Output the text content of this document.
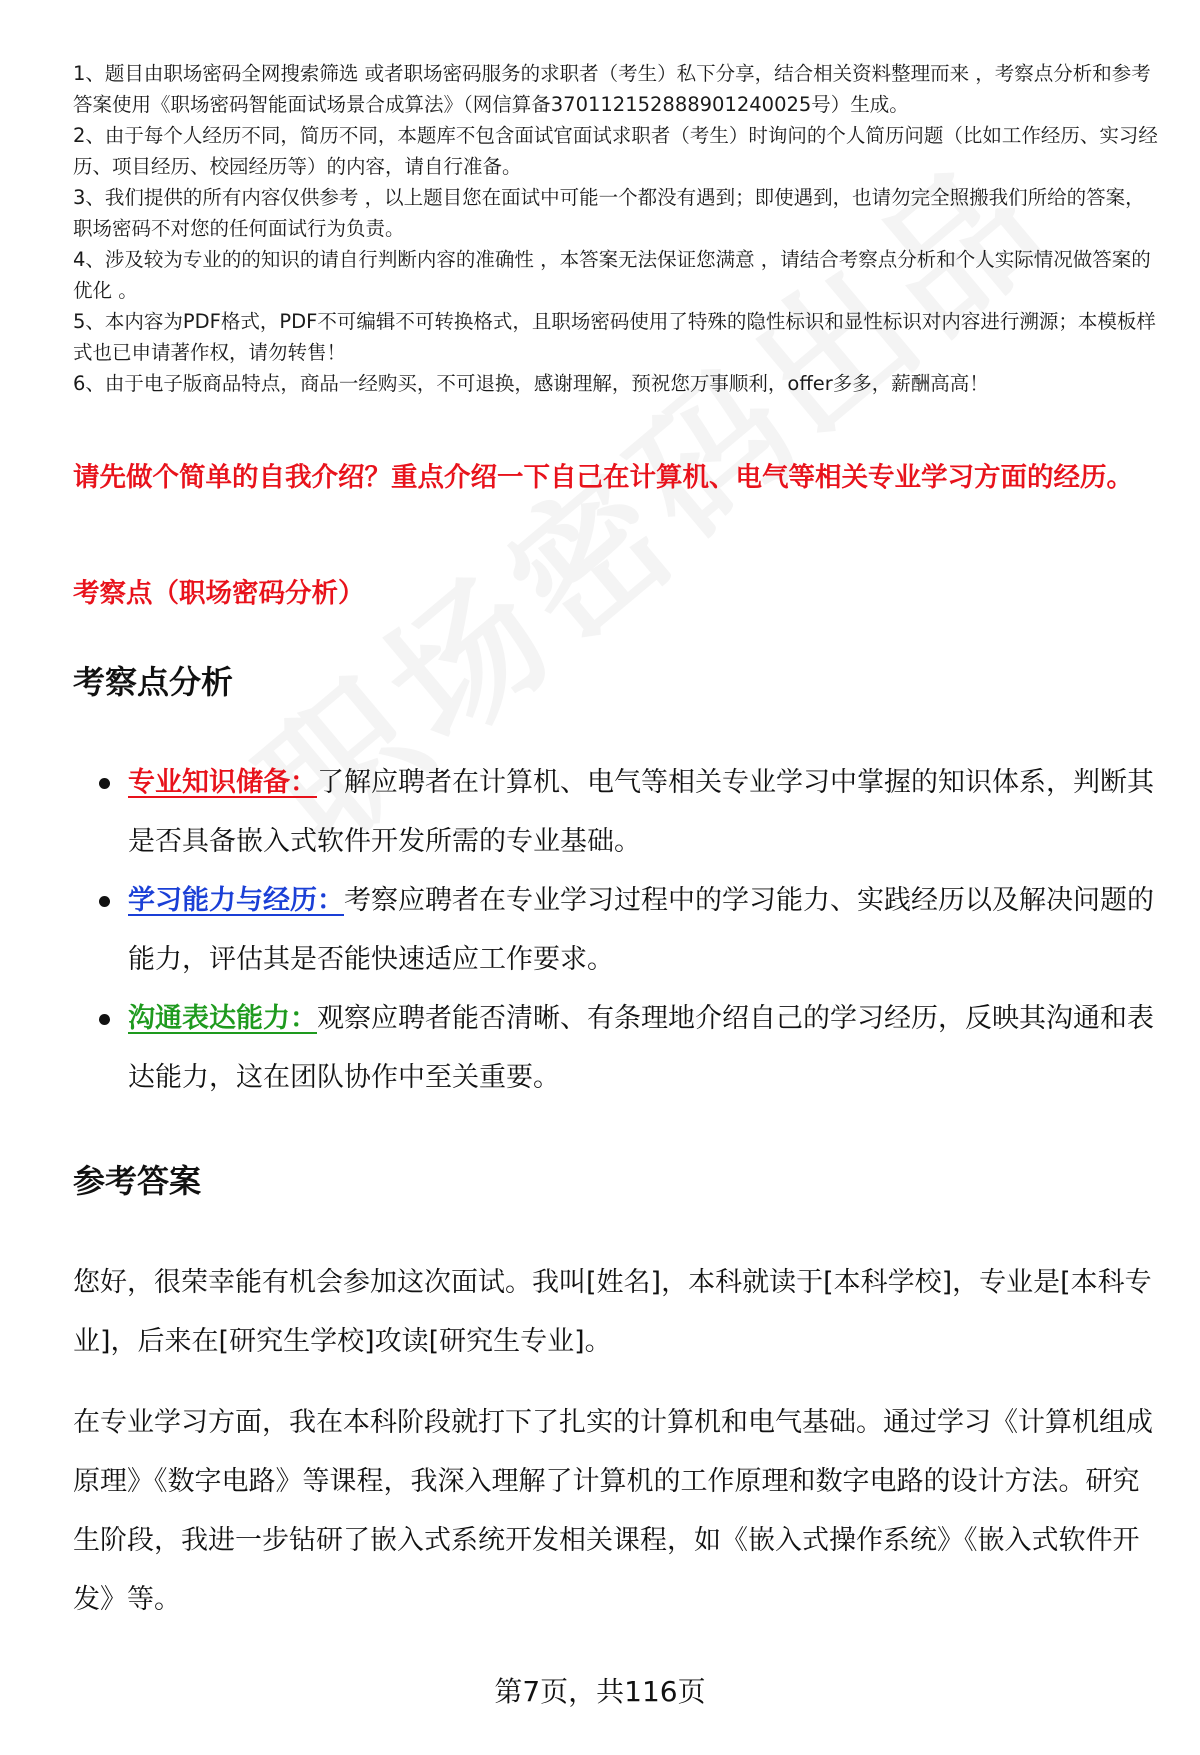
1、题目由职场密码全网搜索筛选 或者职场密码服务的求职者（考生）私下分享，结合相关资料整理而来 ，考察点分析和参考答案使用《职场密码智能面试场景合成算法》（网信算备370112152888901240025号）生成。

2、由于每个人经历不同，简历不同，本题库不包含面试官面试求职者（考生）时询问的个人简历问题（比如工作经历、实习经历、项目经历、校园经历等）的内容，请自行准备。

3、我们提供的所有内容仅供参考 ，以上题目您在面试中可能一个都没有遇到；即使遇到，也请勿完全照搬我们所给的答案，职场密码不对您的任何面试行为负责。

4、涉及较为专业的的知识的请自行判断内容的准确性 ，本答案无法保证您满意 ，请结合考察点分析和个人实际情况做答案的优化 。

5、本内容为PDF格式，PDF不可编辑不可转换格式，且职场密码使用了特殊的隐性标识和显性标识对内容进行溯源；本模板样式也已申请著作权，请勿转售！

6、由于电子版商品特点，商品一经购买，不可退换，感谢理解，预祝您万事顺利，offer多多，薪酬高高！

请先做个简单的自我介绍？重点介绍一下自己在计算机、电气等相关专业学习方面的经历。

考察点（职场密码分析）

考察点分析
专业知识储备：了解应聘者在计算机、电气等相关专业学习中掌握的知识体系，判断其是否具备嵌入式软件开发所需的专业基础。
学习能力与经历：考察应聘者在专业学习过程中的学习能力、实践经历以及解决问题的能力，评估其是否能快速适应工作要求。
沟通表达能力：观察应聘者能否清晰、有条理地介绍自己的学习经历，反映其沟通和表达能力，这在团队协作中至关重要。
参考答案

您好，很荣幸能有机会参加这次面试。我叫[姓名]，本科就读于[本科学校]，专业是[本科专业]，后来在[研究生学校]攻读[研究生专业]。

在专业学习方面，我在本科阶段就打下了扎实的计算机和电气基础。通过学习《计算机组成原理》《数字电路》等课程，我深入理解了计算机的工作原理和数字电路的设计方法。研究生阶段，我进一步钻研了嵌入式系统开发相关课程，如《嵌入式操作系统》《嵌入式软件开发》等。

第7页，共116页
